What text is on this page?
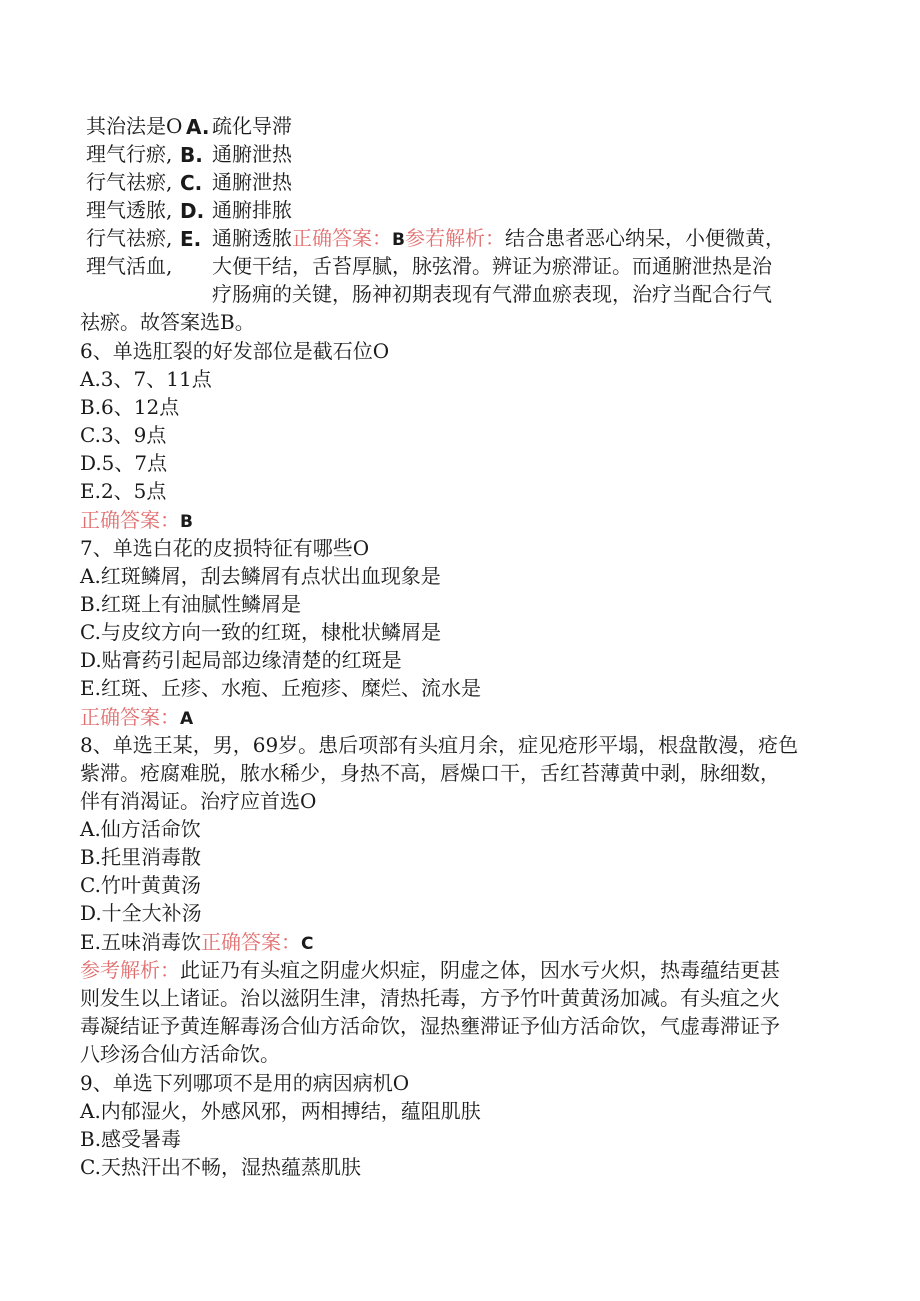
其治法是O
理气行瘀,
行气祛瘀,
理气透脓,
行气祛瘀,
理气活血,
A.
B.
C.
D.
E.
疏化导滞
通腑泄热
通腑泄热
通腑排脓
通腑透脓正确答案：B参若解析：结合患者恶心纳呆，小便微黄，
大便干结，舌苔厚腻，脉弦滑。辨证为瘀滞证。而通腑泄热是治
疗肠痈的关键，肠神初期表现有气滞血瘀表现，治疗当配合行气
祛瘀。故答案选B。
6、单选肛裂的好发部位是截石位O
A.3、7、11点
B.6、12点
C.3、9点
D.5、7点
E.2、5点
正确答案：B
7、单选白花的皮损特征有哪些O
A.红斑鳞屑，刮去鳞屑有点状出血现象是
B.红斑上有油腻性鳞屑是
C.与皮纹方向一致的红斑，棣枇状鳞屑是
D.贴膏药引起局部边缘清楚的红斑是
E.红斑、丘疹、水疱、丘疱疹、糜烂、流水是
正确答案：A
8、单选王某，男，69岁。患后项部有头疽月余，症见疮形平塌，根盘散漫，疮色
紫滞。疮腐难脱，脓水稀少，身热不高，唇燥口干，舌红苔薄黄中剥，脉细数，
伴有消渴证。治疗应首选O
A.仙方活命饮
B.托里消毒散
C.竹叶黄黄汤
D.十全大补汤
E.五味消毒饮正确答案：C
参考解析：此证乃有头疽之阴虚火炽症，阴虚之体，因水亏火炽，热毒蕴结更甚
则发生以上诸证。治以滋阴生津，清热托毒，方予竹叶黄黄汤加减。有头疽之火
毒凝结证予黄连解毒汤合仙方活命饮，湿热壅滞证予仙方活命饮，气虚毒滞证予
八珍汤合仙方活命饮。
9、单选下列哪项不是用的病因病机O
A.内郁湿火，外感风邪，两相搏结，蕴阻肌肤
B.感受暑毒
C.天热汗出不畅，湿热蕴蒸肌肤
